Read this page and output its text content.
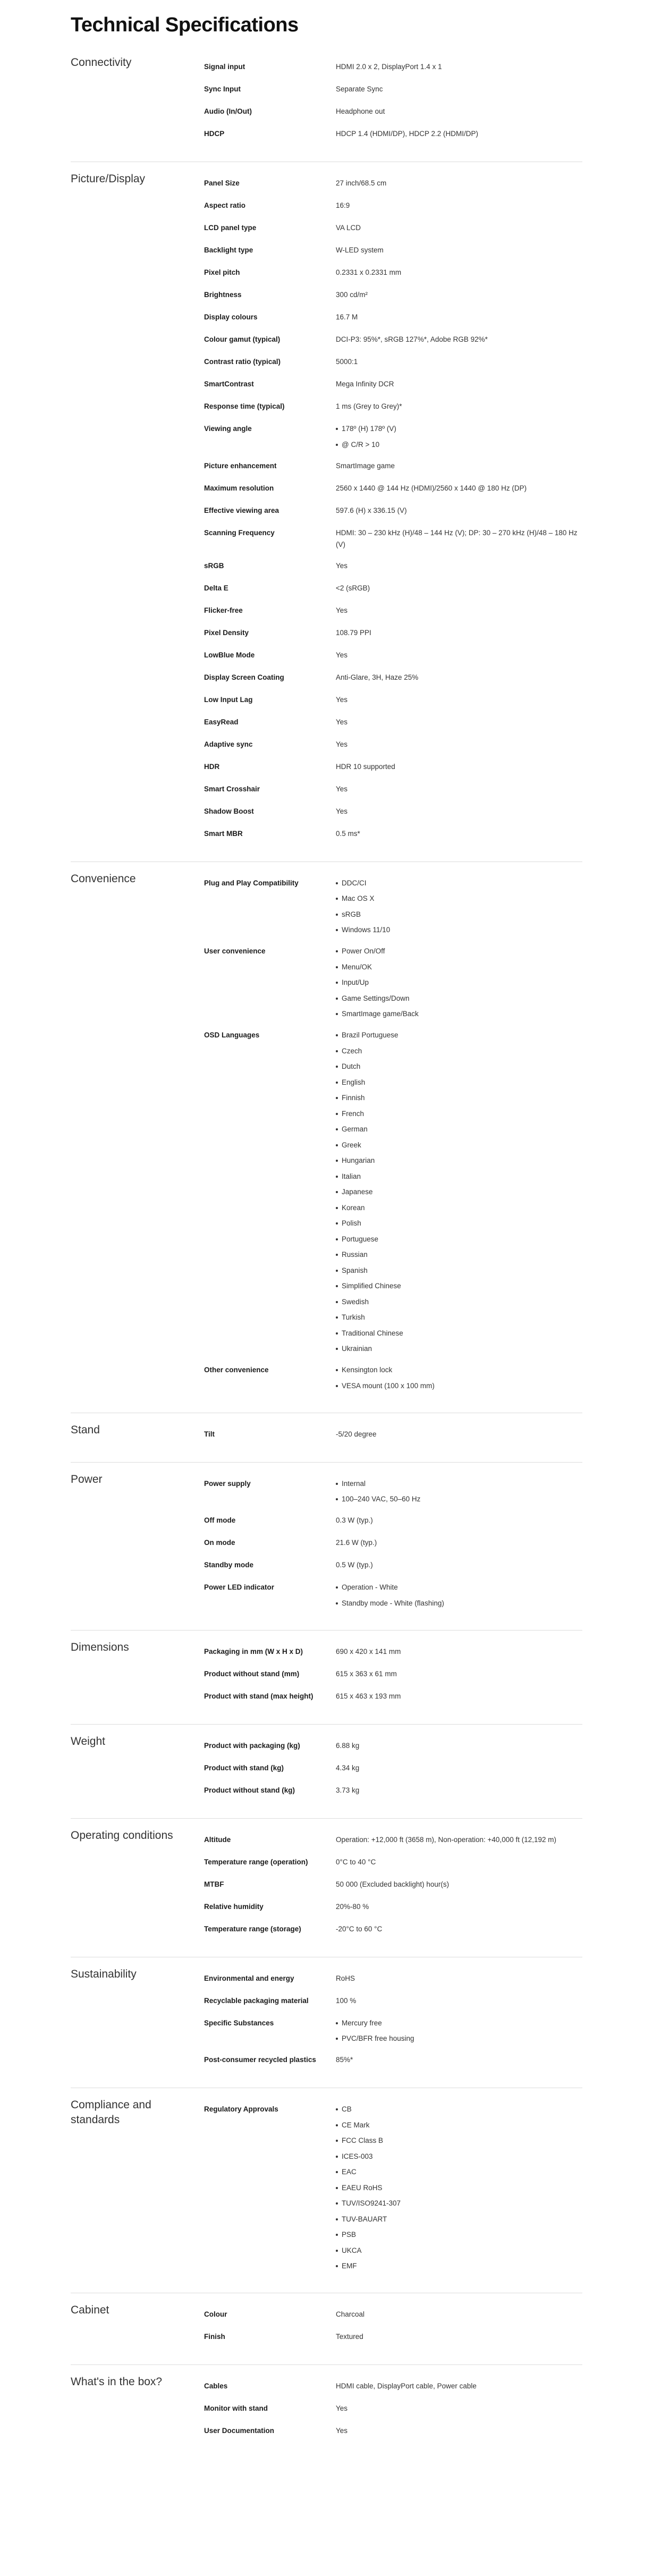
Technical Specifications
Connectivity	Signal input	HDMI 2.0 x 2, DisplayPort 1.4 x 1
Sync Input	Separate Sync
Audio (In/Out)	Headphone out
HDCP	HDCP 1.4 (HDMI/DP), HDCP 2.2 (HDMI/DP)
Picture/Display	Panel Size	27 inch/68.5 cm
Aspect ratio	16:9
LCD panel type	VA LCD
Backlight type	W-LED system
Pixel pitch	0.2331 x 0.2331 mm
Brightness	300 cd/m²
Display colours	16.7 M
Colour gamut (typical)	DCI-P3: 95%*, sRGB 127%*, Adobe RGB 92%*
Contrast ratio (typical)	5000:1
SmartContrast	Mega Infinity DCR
Response time (typical)	1 ms (Grey to Grey)*
Viewing angle	178º (H) 178º (V)
@ C/R > 10
Picture enhancement	SmartImage game
Maximum resolution	2560 x 1440 @ 144 Hz (HDMI)/2560 x 1440 @ 180 Hz (DP)
Effective viewing area	597.6 (H) x 336.15 (V)
Scanning Frequency	HDMI: 30 – 230 kHz (H)/48 – 144 Hz (V); DP: 30 – 270 kHz (H)/48 – 180 Hz (V)
sRGB	Yes
Delta E	<2 (sRGB)
Flicker-free	Yes
Pixel Density	108.79 PPI
LowBlue Mode	Yes
Display Screen Coating	Anti-Glare, 3H, Haze 25%
Low Input Lag	Yes
EasyRead	Yes
Adaptive sync	Yes
HDR	HDR 10 supported
Smart Crosshair	Yes
Shadow Boost	Yes
Smart MBR	0.5 ms*
Convenience	Plug and Play Compatibility	DDC/CI
Mac OS X
sRGB
Windows 11/10
User convenience	Power On/Off
Menu/OK
Input/Up
Game Settings/Down
SmartImage game/Back
OSD Languages	Brazil Portuguese
Czech
Dutch
English
Finnish
French
German
Greek
Hungarian
Italian
Japanese
Korean
Polish
Portuguese
Russian
Spanish
Simplified Chinese
Swedish
Turkish
Traditional Chinese
Ukrainian
Other convenience	Kensington lock
VESA mount (100 x 100 mm)
Stand	Tilt	-5/20 degree
Power	Power supply	Internal
100–240 VAC, 50–60 Hz
Off mode	0.3 W (typ.)
On mode	21.6 W (typ.)
Standby mode	0.5 W (typ.)
Power LED indicator	Operation - White
Standby mode - White (flashing)
Dimensions	Packaging in mm (W x H x D)	690 x 420 x 141 mm
Product without stand (mm)	615 x 363 x 61 mm
Product with stand (max height)	615 x 463 x 193 mm
Weight	Product with packaging (kg)	6.88 kg
Product with stand (kg)	4.34 kg
Product without stand (kg)	3.73 kg
Operating conditions	Altitude	Operation: +12,000 ft (3658 m), Non-operation: +40,000 ft (12,192 m)
Temperature range (operation)	0°C to 40 °C
MTBF	50 000 (Excluded backlight) hour(s)
Relative humidity	20%-80 %
Temperature range (storage)	-20°C to 60 °C
Sustainability	Environmental and energy	RoHS
Recyclable packaging material	100 %
Specific Substances	Mercury free
PVC/BFR free housing
Post-consumer recycled plastics	85%*
Compliance and standards
Regulatory Approvals	CB
CE Mark
FCC Class B
ICES-003
EAC
EAEU RoHS
TUV/ISO9241-307
TUV-BAUART
PSB
UKCA
EMF
Cabinet	Colour	Charcoal
Finish	Textured
What's in the box?	Cables	HDMI cable, DisplayPort cable, Power cable
Monitor with stand	Yes
User Documentation	Yes
